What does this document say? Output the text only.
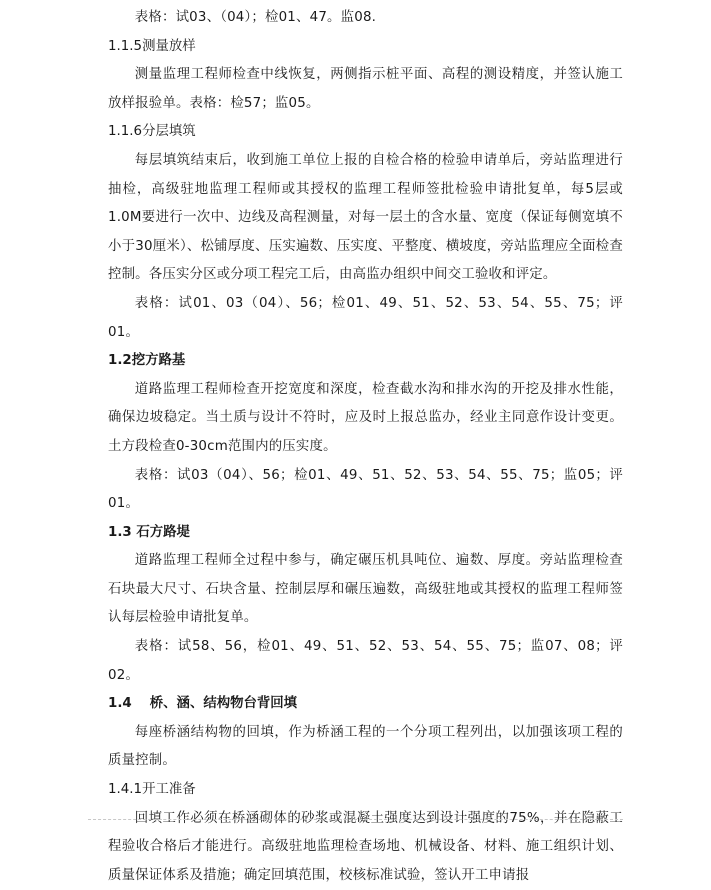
表格：试03、（04）；检01、47。监08.

1.1.5测量放样

测量监理工程师检查中线恢复，两侧指示桩平面、高程的测设精度，并签认施工放样报验单。表格：检57；监05。

1.1.6分层填筑

每层填筑结束后，收到施工单位上报的自检合格的检验申请单后，旁站监理进行抽检，高级驻地监理工程师或其授权的监理工程师签批检验申请批复单，每5层或1.0M要进行一次中、边线及高程测量，对每一层土的含水量、宽度（保证每侧宽填不小于30厘米）、松铺厚度、压实遍数、压实度、平整度、横坡度，旁站监理应全面检查控制。各压实分区或分项工程完工后，由高监办组织中间交工验收和评定。

表格：试01、03（04）、56；检01、49、51、52、53、54、55、75；评01。

1.2挖方路基

道路监理工程师检查开挖宽度和深度，检查截水沟和排水沟的开挖及排水性能，确保边坡稳定。当土质与设计不符时，应及时上报总监办，经业主同意作设计变更。土方段检查0-30cm范围内的压实度。

表格：试03（04）、56；检01、49、51、52、53、54、55、75；监05；评01。

1.3 石方路堤

道路监理工程师全过程中参与，确定碾压机具吨位、遍数、厚度。旁站监理检查石块最大尺寸、石块含量、控制层厚和碾压遍数，高级驻地或其授权的监理工程师签认每层检验申请批复单。

表格：试58、56，检01、49、51、52、53、54、55、75；监07、08；评02。

1.4　 桥、涵、结构物台背回填

每座桥涵结构物的回填，作为桥涵工程的一个分项工程列出，以加强该项工程的质量控制。

1.4.1开工准备

回填工作必须在桥涵砌体的砂浆或混凝土强度达到设计强度的75%，并在隐蔽工程验收合格后才能进行。高级驻地监理检查场地、机械设备、材料、施工组织计划、质量保证体系及措施；确定回填范围，校核标准试验，签认开工申请报
